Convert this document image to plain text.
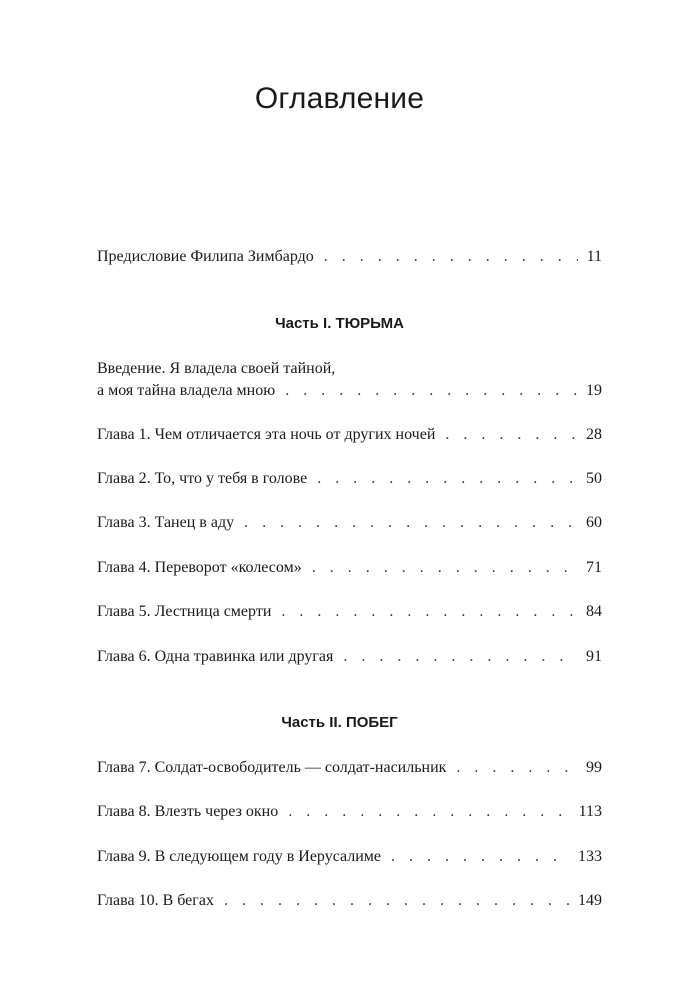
Оглавление
Предисловие Филипа Зимбардо . . .	11
Часть I. ТЮРЬМА
Введение. Я владела своей тайной,
а моя тайна владела мною . . .	19
Глава 1. Чем отличается эта ночь от других ночей . . .	28
Глава 2. То, что у тебя в голове . . .	50
Глава 3. Танец в аду . . .	60
Глава 4. Переворот «колесом» . . .	71
Глава 5. Лестница смерти . . .	84
Глава 6. Одна травинка или другая . . .	91
Часть II. ПОБЕГ
Глава 7. Солдат-освободитель — солдат-насильник . . .	99
Глава 8. Влезть через окно . . .	113
Глава 9. В следующем году в Иерусалиме . . .	133
Глава 10. В бегах . . .	149
